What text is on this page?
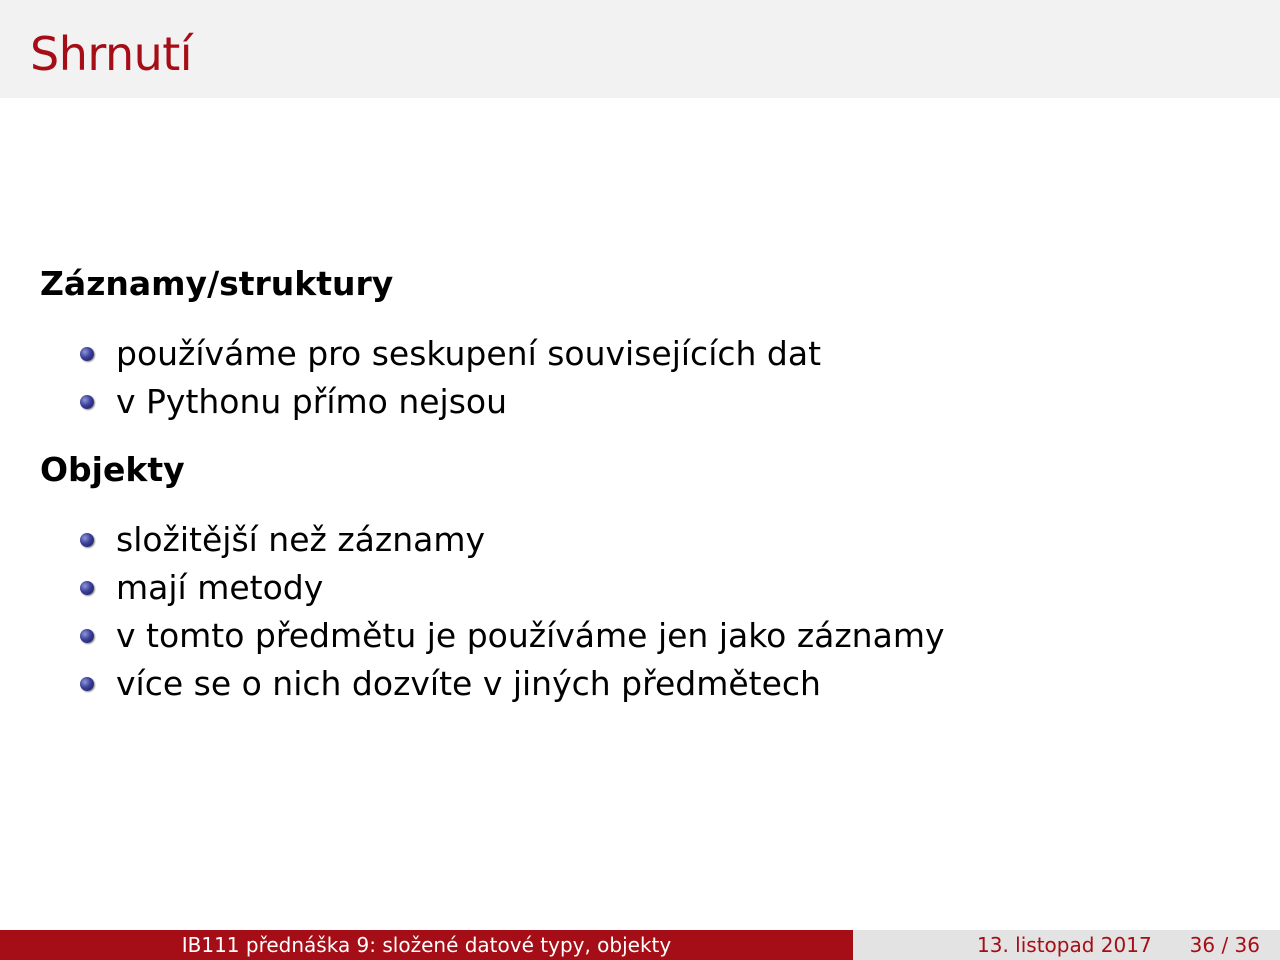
Shrnutí
Záznamy/struktury
používáme pro seskupení souvisejících dat
v Pythonu přímo nejsou
Objekty
složitější než záznamy
mají metody
v tomto předmětu je používáme jen jako záznamy
více se o nich dozvíte v jiných předmětech
IB111 přednáška 9: složené datové typy, objekty	13. listopad 2017 36 / 36
